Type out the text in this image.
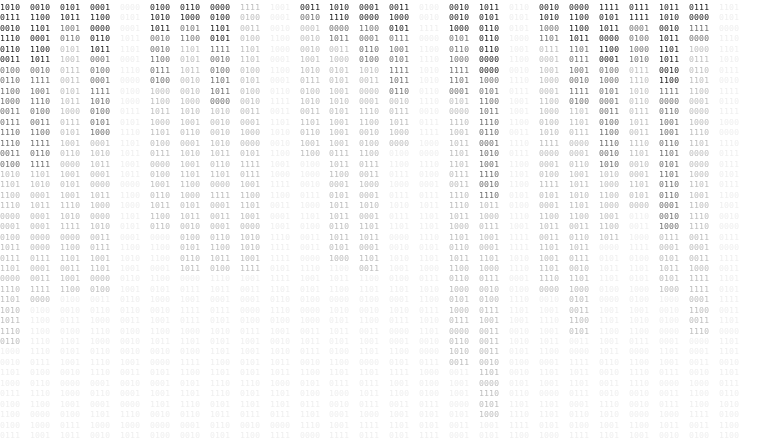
1010
0111
0010
1110
0110
0011
0100
0110
1100
1000
0011
0111
1110
1110
0011
0100
1010
1101
1100
1110
0000
0001
0100
1011
0111
1101
0000
1110
1101
1010
1011
1110
0110
1000
0010
1101
1000
0111
0100
1100
0100
0111
0010
1100
1101
0001
1100
1011
0010
1111
1001
1110
0100
0011
1100
1111
0110
1111
1101
1010
0001
1011
0001
0001
0000
0000
0111
0001
0011
1111
0000
0100
1100
1100
1110
1110
0111
0100
0110
1110
1100
0000
1000
1001
0101
1011
1001
0110
0101
1001
0111
0011
0101
1011
1000
0111
0101
1001
0110
0000
1001
0101
1001
1110
1010
1111
0000
1100
1101
0011
1001
1100
0100
0010
0111
0100
1101
0101
1001
0010
0000
1000
1001
0100
0111
1011
0001
1100
0000
0110
1011
0001
0100
0001
1111
1010
0100
0101
1000
0001
1010
1011
0001
0000
1011
1000
0000
1010
0011
0111
1001
1101
0000
0100
0011
0110
1000
1110
1000
0110
1110
1110
0001
0110
0001
1101
1000
0010
0000
0101
0001
1011
1101
0001
1110
0000
0100
1000
0111
0101
1110
1101
1011
1001
1011
0000
1100
1000
1101
0101
0001
1100
1010
1001
0110
1001
0110
0110
0011
0100
0010
0010
1001
0011
0010
0001
0000
1110
1000
1011
0100
1010
1011
0010
0010
1100
0111
0100
1000
1100
1011
1000
1101
0100
0111
0000
0100
1001
0110
1011
1100
0110
0000
1100
1100
0001
1100
0101
1000
0010
1001
1100
1011
0010
0000
0101
0001
1001
1101
0010
0000
0100
0110
1000
0101
1100
1101
0101
1011
0010
0010
1000
1010
1001
0110
0001
1010
1001
1101
1100
1000
0101
1011
0010
0100
0101
0110
1011
0000
0111
1001
1111
0111
1000
1101
0100
1111
1100
0101
1101
1110
0110
0001
0010
0000
0100
1101
0101
1111
0010
0100
1101
1011
0000
1010
0010
0010
1010
1011
0110
1101
0000
1111
0001
0011
0001
0110
1100
1011
0100
1110
1011
0001
0111
0101
1010
0101
1101
1100
1101
1110
1110
0101
1011
0110
0101
1111
0100
0011
0100
1101
1101
0100
0101
0100
0010
0011
0001
1000
0000
0101
1111
0111
1001
1100
1101
1001
0000
1010
1010
1001
1111
1001
0011
0001
0000
0100
0111
1001
1001
0101
0101
1110
0101
1101
0111
0010
1100
1001
0001
0010
1100
1000
0001
1100
0001
0110
1111
0011
1101
1010
0010
1100
1001
1000
1111
1100
0011
0001
1001
1110
1111
1111
0101
1111
1101
0110
1110
0100
1001
0010
1010
1011
1011
1000
1101
1101
0111
0000
1111
0011
0010
0001
0010
0010
1001
1010
0111
0100
1010
0011
1101
0110
1001
1100
0100
1000
0010
0111
1000
1101
0100
0011
0011
0000
1110
1001
0101
0100
0000
1000
0011
1011
0111
0010
1100
0101
0100
0111
1101
1110
0000
1010
1110
0000
1011
0011
1000
0101
0101
1001
1010
0101
1001
1001
1001
0111
1011
1100
0001
0101
1011
1011
0110
1011
0101
1000
1100
1011
1100
0000
1010
0101
1011
0101
0100
1100
1101
0111
1000
0010
0001
1001
1111
0001
0000
1100
0001
0110
0100
1010
0011
0000
0001
1110
1100
0010
0100
1100
0111
0011
1000
0001
1010
0001
1101
1011
0001
1101
0011
1100
1101
0100
0010
1100
0011
1001
1101
0000
1101
0111
1011
0111
1000
1111
0111
0011
1000
0101
0111
1001
0101
1111
1011
0110
0010
0111
1011
1000
0000
0100
1100
0111
1000
0111
1010
0111
1101
0000
0010
1010
1001
0100
1101
0001
1010
0111
0000
0001
1100
0101
1111
1001
1100
0011
1001
1101
0101
0100
0010
1111
0000
1100
1110
1010
1010
0110
1110
0010
0111
1111
1000
0000
1110
0100
0001
0111
1011
1101
1101
1110
0101
1101
1000
0111
1010
1100
0111
1010
1101
0010
0000
0111
1000
0100
0100
0111
0101
0101
1111
0010
0010
1000
0101
0110
1000
1111
1101
0001
0101
0000
1110
1001
1011
1101
1101
0111
0011
1110
1110
1011
1000
1101
0110
1011
1100
0110
1000
0101
1000
0111
0000
0110
1010
0011
0011
1001
1001
0000
0101
0011
0001
1011
0101
0110
0110
0110
0000
0000
1000
0101
1100
1011
1110
0110
0001
1010
1001
1110
0010
1110
1011
1000
0111
1001
0001
1101
1000
0111
0010
0100
0111
1001
0011
0011
0011
0010
1101
0000
1110
0101
1000
1001
0101
0110
0101
0101
1000
1001
1100
0010
1110
0111
1001
1001
1100
0011
1110
0111
1100
1101
1100
0101
0100
1110
1001
1111
1111
1010
1110
0001
0100
1110
1101
1001
0010
1010
0101
0100
0010
0101
0110
1101
1110
1111
1100
0010
1010
1000
1101
0111
0001
1001
1000
0001
1100
1000
0100
1010
1111
0000
0001
0100
1111
0101
0001
1100
1011
0011
1101
1001
1101
1110
0000
0010
1001
1110
1001
1011
1100
0001
1101
1001
0000
1101
1101
0101
1000
0000
1100
1100
1011
1101
0111
1001
0010
1111
0100
1101
1101
0111
0000
0001
0110
1001
1011
1010
1101
1100
0011
0110
1011
0111
0010
1101
1000
0101
0011
1100
0101
0011
0000
1111
1011
1101
0111
0001
0110
0100
1111
1111
0101
1011
0000
1100
0001
0100
1000
0101
0001
0011
0100
1100
1110
0010
1010
1010
1000
1100
1000
1001
1100
1011
0000
0101
1011
1101
0100
0000
1001
1101
1100
1001
1011
0110
0010
0011
0010
1110
1010
1001
1101
0111
1111
0001
0100
1000
1010
0111
1110
1010
0110
0111
1011
0011
1110
1101
0010
0001
1101
0101
0000
0110
0011
1000
1111
0100
1101
0101
1000
0100
1001
1010
1100
0111
0000
1100
1110
1110
0010
0010
0000
1100
1001
1011
1010
0010
1011
1101
1011
0010
1100
1111
0000
0110
1001
1001
0110
1101
0101
1101
0110
0110
0001
0010
1000
0111
0001
0101
1011
0101
1000
1000
0010
0100
0000
0001
1101
1001
0111
0000
0011
0111
1000
1011
0010
0111
0000
1111
0000
1000
0111
0110
1101
1100
0001
0000
1000
1110
1101
0000
0000
1000
1101
1001
1100
1110
1110
0011
0001
0011
1000
1111
1111
0001
1100
0011
1110
0000
0001
0011
0010
1000
1100
1100
1111
0011
0100
1101
0101
0000
1110
1101
1010
0111
0010
1111
0110
1111
1000
0000
1110
0111
0111
0101
0111
1100
1001
0010
0000
0111
0000
1111
0011
1101
0101
1111
0011
1101
0000
1101
1101
0010
1101
0111
0110
1010
0100
1100
1100
